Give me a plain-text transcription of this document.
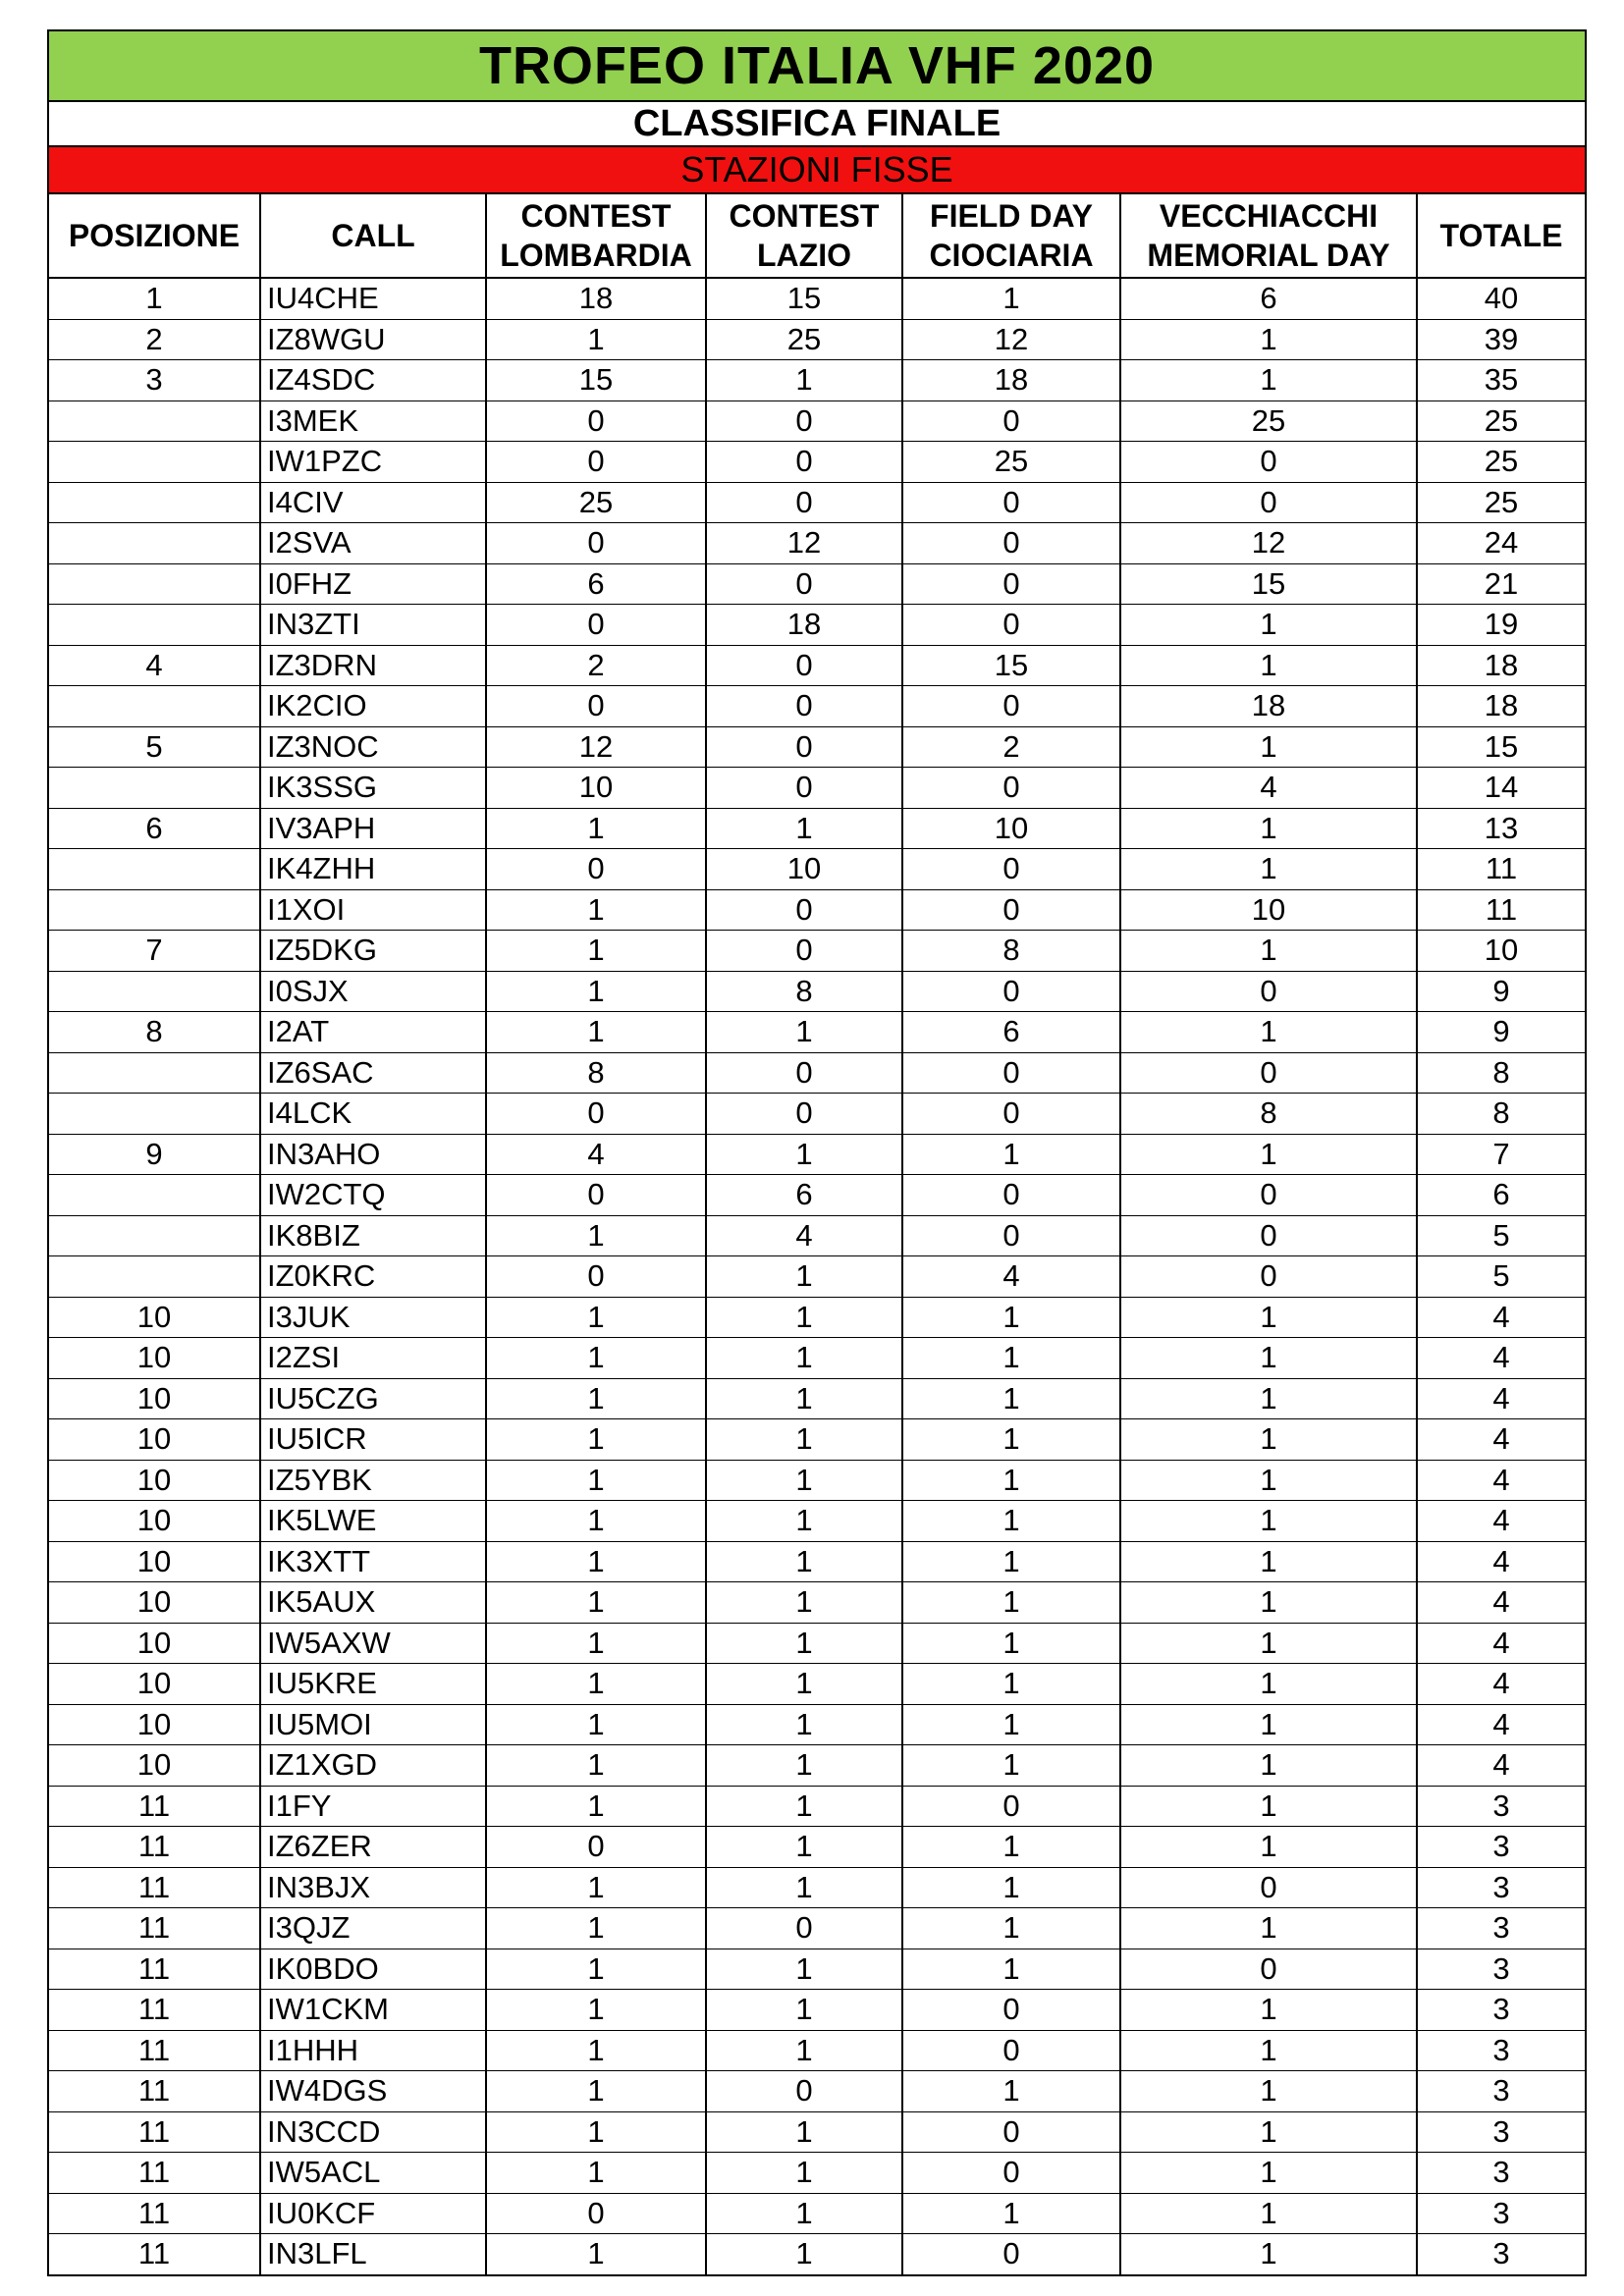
TROFEO ITALIA VHF 2020
CLASSIFICA FINALE
STAZIONI FISSE
POSIZIONE	CALL	CONTEST LOMBARDIA	CONTEST LAZIO	FIELD DAY CIOCIARIA	VECCHIACCHI MEMORIAL DAY	TOTALE
1	IU4CHE	18	15	1	6	40
2	IZ8WGU	1	25	12	1	39
3	IZ4SDC	15	1	18	1	35
	I3MEK	0	0	0	25	25
	IW1PZC	0	0	25	0	25
	I4CIV	25	0	0	0	25
	I2SVA	0	12	0	12	24
	I0FHZ	6	0	0	15	21
	IN3ZTI	0	18	0	1	19
4	IZ3DRN	2	0	15	1	18
	IK2CIO	0	0	0	18	18
5	IZ3NOC	12	0	2	1	15
	IK3SSG	10	0	0	4	14
6	IV3APH	1	1	10	1	13
	IK4ZHH	0	10	0	1	11
	I1XOI	1	0	0	10	11
7	IZ5DKG	1	0	8	1	10
	I0SJX	1	8	0	0	9
8	I2AT	1	1	6	1	9
	IZ6SAC	8	0	0	0	8
	I4LCK	0	0	0	8	8
9	IN3AHO	4	1	1	1	7
	IW2CTQ	0	6	0	0	6
	IK8BIZ	1	4	0	0	5
	IZ0KRC	0	1	4	0	5
10	I3JUK	1	1	1	1	4
10	I2ZSI	1	1	1	1	4
10	IU5CZG	1	1	1	1	4
10	IU5ICR	1	1	1	1	4
10	IZ5YBK	1	1	1	1	4
10	IK5LWE	1	1	1	1	4
10	IK3XTT	1	1	1	1	4
10	IK5AUX	1	1	1	1	4
10	IW5AXW	1	1	1	1	4
10	IU5KRE	1	1	1	1	4
10	IU5MOI	1	1	1	1	4
10	IZ1XGD	1	1	1	1	4
11	I1FY	1	1	0	1	3
11	IZ6ZER	0	1	1	1	3
11	IN3BJX	1	1	1	0	3
11	I3QJZ	1	0	1	1	3
11	IK0BDO	1	1	1	0	3
11	IW1CKM	1	1	0	1	3
11	I1HHH	1	1	0	1	3
11	IW4DGS	1	0	1	1	3
11	IN3CCD	1	1	0	1	3
11	IW5ACL	1	1	0	1	3
11	IU0KCF	0	1	1	1	3
11	IN3LFL	1	1	0	1	3
